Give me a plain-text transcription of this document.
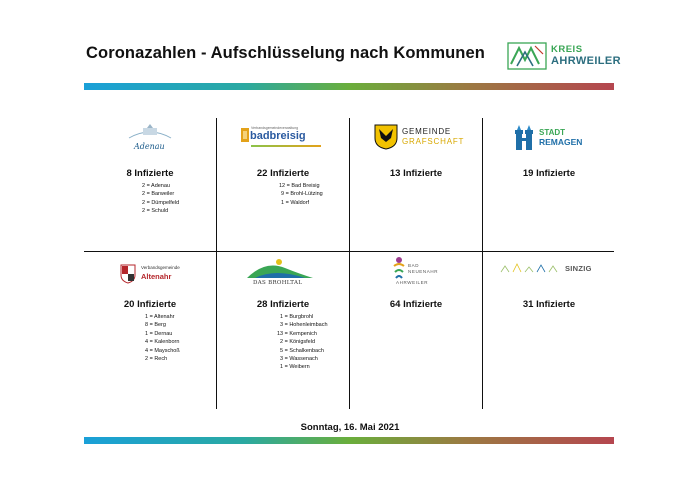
Coronazahlen - Aufschlüsselung nach Kommunen	KREIS
AHRWEILER
Adenau
8 Infizierte
2 = Adenau
2 = Barweiler
2 = Dümpelfeld
2 = Schuld
Verbandsgemeindeverwaltung
badbreisig
22 Infizierte
12 = Bad Breisig
9 = Brohl-Lützing
1 = Waldorf
GEMEINDE
GRAFSCHAFT
13 Infizierte
STADT
REMAGEN
19 Infizierte
Verbandsgemeinde
Altenahr
20 Infizierte
1 = Altenahr
8 = Berg
1 = Dernau
4 = Kalenborn
4 = Mayschoß
2 = Rech
DAS BROHLTAL
28 Infizierte
1 = Burgbrohl
3 = Hohenleimbach
13 = Kempenich
2 = Königsfeld
5 = Schalkenbach
3 = Wassenach
1 = Weibern
BAD
NEUENAHR
AHRWEILER
64 Infizierte
SINZIG
31 Infizierte
Sonntag, 16. Mai 2021
